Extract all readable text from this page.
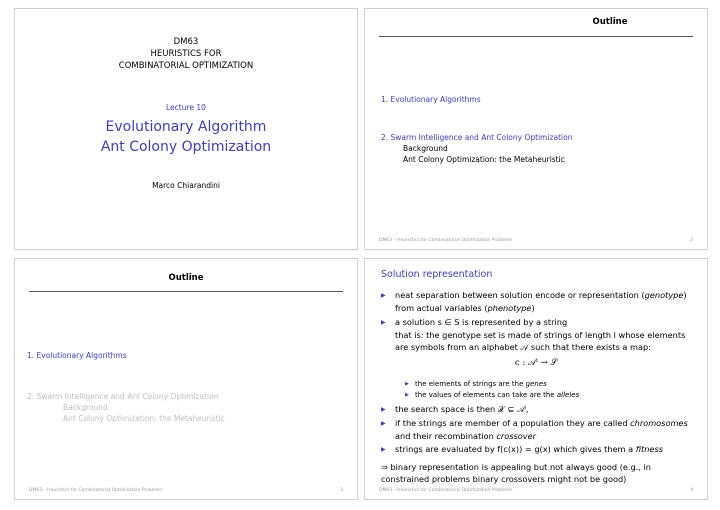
DM63
HEURISTICS FOR
COMBINATORIAL OPTIMIZATION
Lecture 10
Evolutionary Algorithm
Ant Colony Optimization
Marco Chiarandini
Outline
1. Evolutionary Algorithms
2. Swarm Intelligence and Ant Colony Optimization
Background
Ant Colony Optimization: the Metaheuristic
DM63 – Heuristics for Combinatorial Optimization Problems	2
Outline
1. Evolutionary Algorithms
2. Swarm Intelligence and Ant Colony Optimization
Background
Ant Colony Optimization: the Metaheuristic
DM63 – Heuristics for Combinatorial Optimization Problems	3
Solution representation
▶ neat separation between solution encode or representation (genotype)
from actual variables (phenotype)
▶ a solution s ∈ S is represented by a string
that is: the genotype set is made of strings of length l whose elements
are symbols from an alphabet 𝒜 such that there exists a map:
c : 𝒜ˡ → 𝒮
▶ the elements of strings are the genes
▶ the values of elements can take are the alleles
▶ the search space is then 𝒳 ⊆ 𝒜ˡ,
▶ if the strings are member of a population they are called chromosomes
and their recombination crossover
▶ strings are evaluated by f(c(x)) = g(x) which gives them a fitness
⇒ binary representation is appealing but not always good (e.g., in
constrained problems binary crossovers might not be good)
DM63 – Heuristics for Combinatorial Optimization Problems	4
